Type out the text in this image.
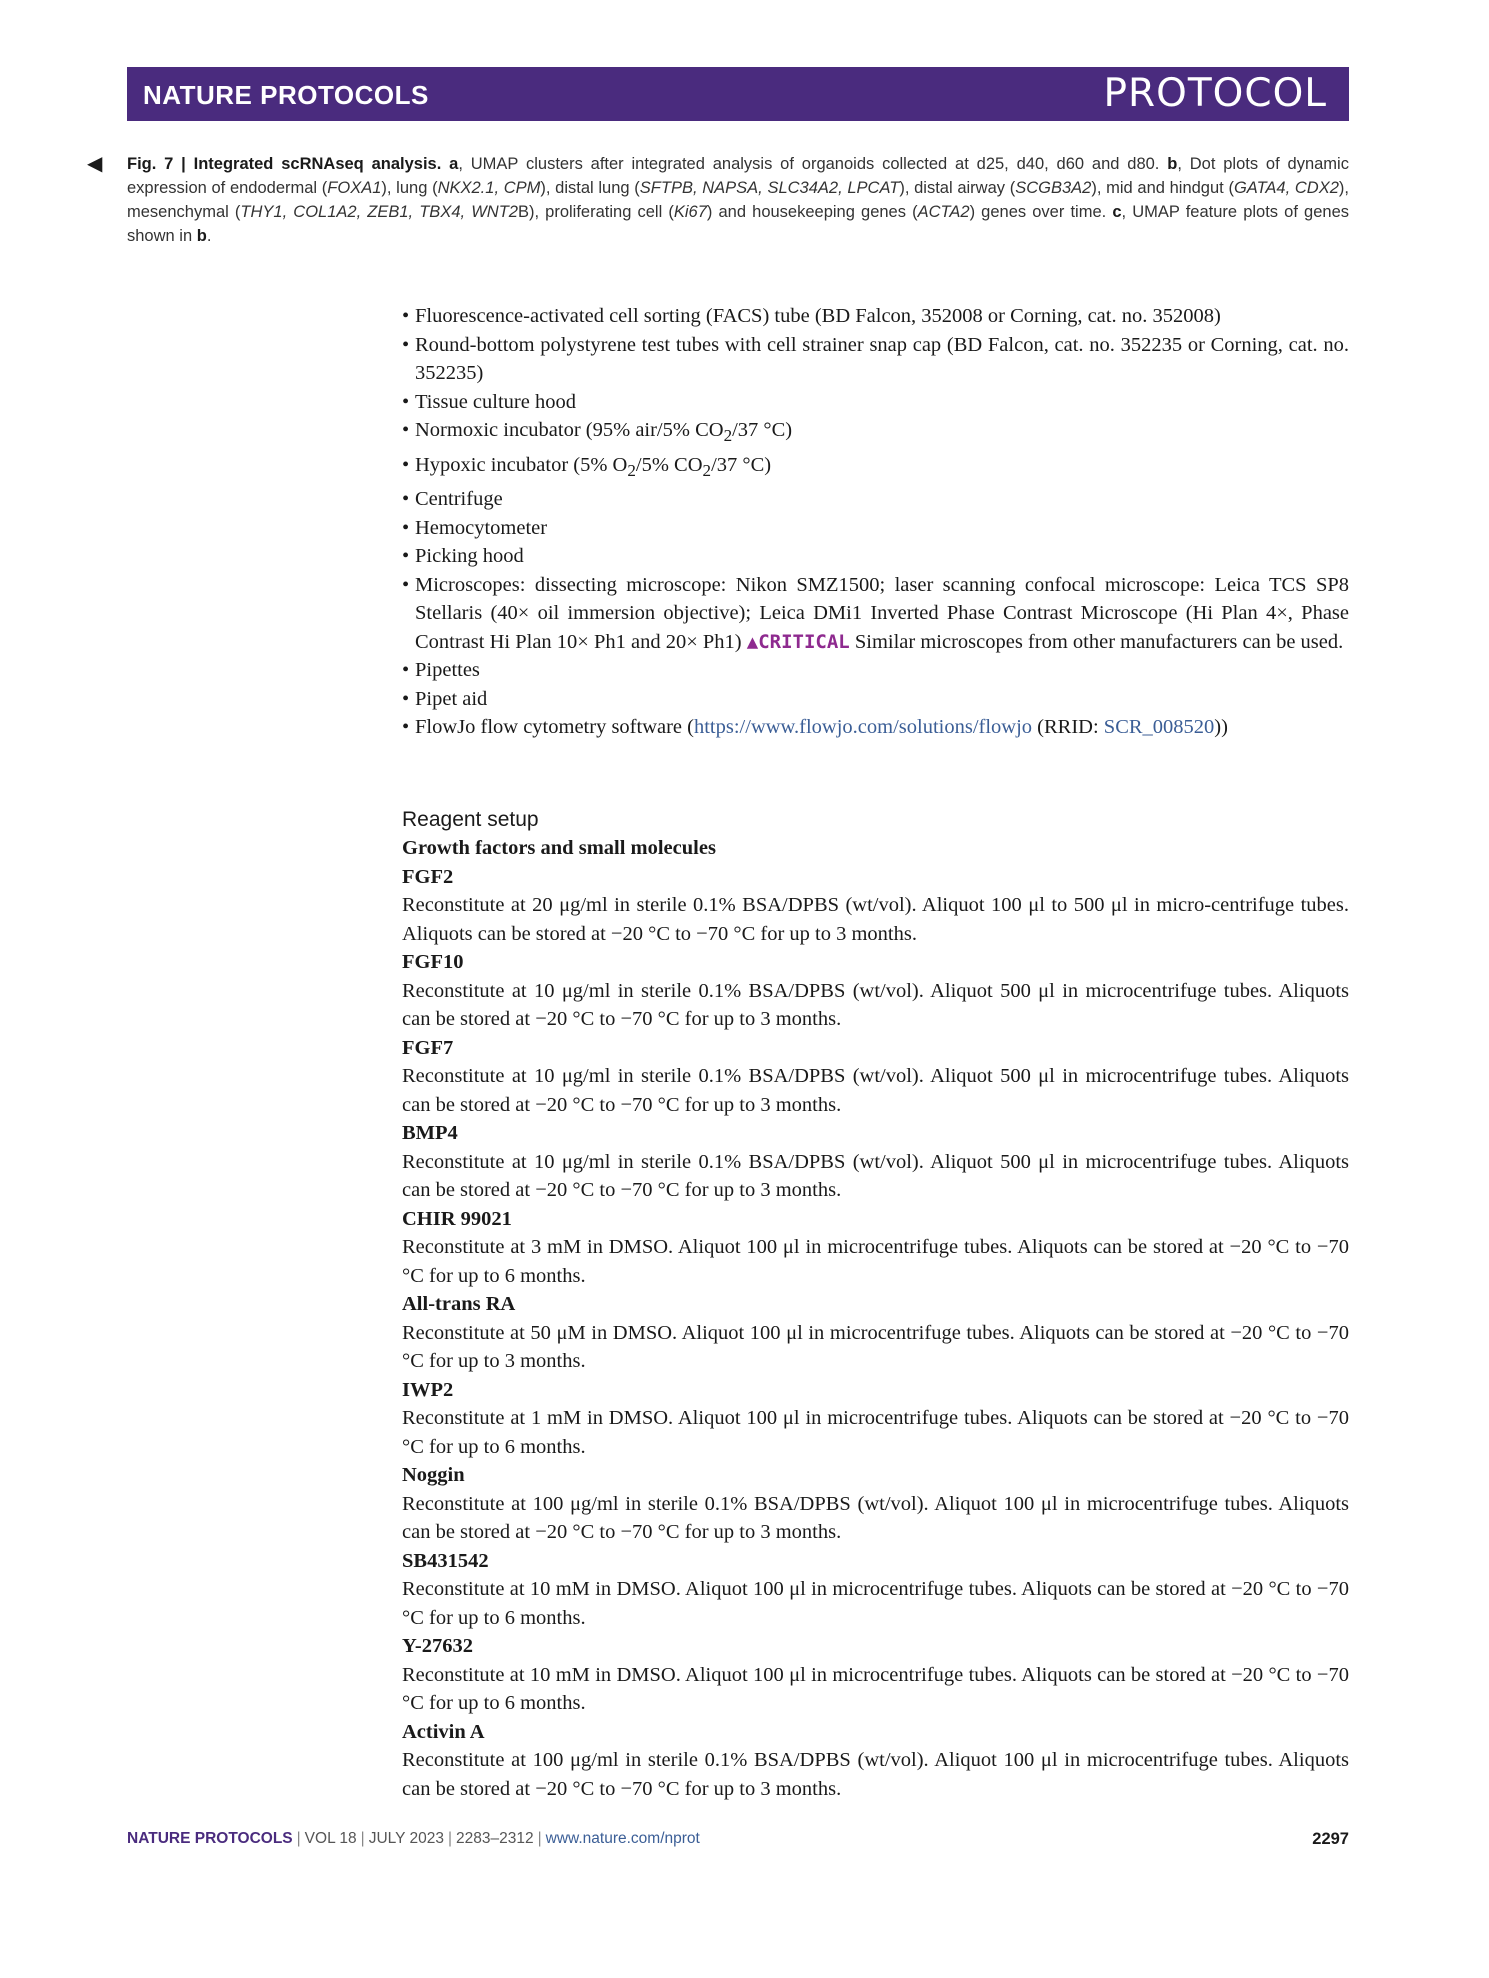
NATURE PROTOCOLS	PROTOCOL
◀ Fig. 7 | Integrated scRNAseq analysis. a, UMAP clusters after integrated analysis of organoids collected at d25, d40, d60 and d80. b, Dot plots of dynamic expression of endodermal (FOXA1), lung (NKX2.1, CPM), distal lung (SFTPB, NAPSA, SLC34A2, LPCAT), distal airway (SCGB3A2), mid and hindgut (GATA4, CDX2), mesenchymal (THY1, COL1A2, ZEB1, TBX4, WNT2B), proliferating cell (Ki67) and housekeeping genes (ACTA2) genes over time. c, UMAP feature plots of genes shown in b.
• Fluorescence-activated cell sorting (FACS) tube (BD Falcon, 352008 or Corning, cat. no. 352008)
• Round-bottom polystyrene test tubes with cell strainer snap cap (BD Falcon, cat. no. 352235 or Corning, cat. no. 352235)
• Tissue culture hood
• Normoxic incubator (95% air/5% $CO_2/37$ °C)
• Hypoxic incubator (5% $O_2/5\%$ $CO_2/37$ °C)
• Centrifuge
• Hemocytometer
• Picking hood
• Microscopes: dissecting microscope: Nikon SMZ1500; laser scanning confocal microscope: Leica TCS SP8 Stellaris (40× oil immersion objective); Leica DMi1 Inverted Phase Contrast Microscope (Hi Plan 4×, Phase Contrast Hi Plan 10× Ph1 and 20× Ph1) ▲CRITICAL Similar microscopes from other manufacturers can be used.
• Pipettes
• Pipet aid
• FlowJo flow cytometry software (https://www.flowjo.com/solutions/flowjo (RRID: SCR_008520))
Reagent setup
Growth factors and small molecules
FGF2
Reconstitute at 20 μg/ml in sterile 0.1% BSA/DPBS (wt/vol). Aliquot 100 μl to 500 μl in micro-centrifuge tubes. Aliquots can be stored at −20 °C to −70 °C for up to 3 months.
FGF10
Reconstitute at 10 μg/ml in sterile 0.1% BSA/DPBS (wt/vol). Aliquot 500 μl in microcentrifuge tubes. Aliquots can be stored at −20 °C to −70 °C for up to 3 months.
FGF7
Reconstitute at 10 μg/ml in sterile 0.1% BSA/DPBS (wt/vol). Aliquot 500 μl in microcentrifuge tubes. Aliquots can be stored at −20 °C to −70 °C for up to 3 months.
BMP4
Reconstitute at 10 μg/ml in sterile 0.1% BSA/DPBS (wt/vol). Aliquot 500 μl in microcentrifuge tubes. Aliquots can be stored at −20 °C to −70 °C for up to 3 months.
CHIR 99021
Reconstitute at 3 mM in DMSO. Aliquot 100 μl in microcentrifuge tubes. Aliquots can be stored at −20 °C to −70 °C for up to 6 months.
All-trans RA
Reconstitute at 50 μM in DMSO. Aliquot 100 μl in microcentrifuge tubes. Aliquots can be stored at −20 °C to −70 °C for up to 3 months.
IWP2
Reconstitute at 1 mM in DMSO. Aliquot 100 μl in microcentrifuge tubes. Aliquots can be stored at −20 °C to −70 °C for up to 6 months.
Noggin
Reconstitute at 100 μg/ml in sterile 0.1% BSA/DPBS (wt/vol). Aliquot 100 μl in microcentrifuge tubes. Aliquots can be stored at −20 °C to −70 °C for up to 3 months.
SB431542
Reconstitute at 10 mM in DMSO. Aliquot 100 μl in microcentrifuge tubes. Aliquots can be stored at −20 °C to −70 °C for up to 6 months.
Y-27632
Reconstitute at 10 mM in DMSO. Aliquot 100 μl in microcentrifuge tubes. Aliquots can be stored at −20 °C to −70 °C for up to 6 months.
Activin A
Reconstitute at 100 μg/ml in sterile 0.1% BSA/DPBS (wt/vol). Aliquot 100 μl in microcentrifuge tubes. Aliquots can be stored at −20 °C to −70 °C for up to 3 months.
NATURE PROTOCOLS | VOL 18 | JULY 2023 | 2283–2312 | www.nature.com/nprot	2297
